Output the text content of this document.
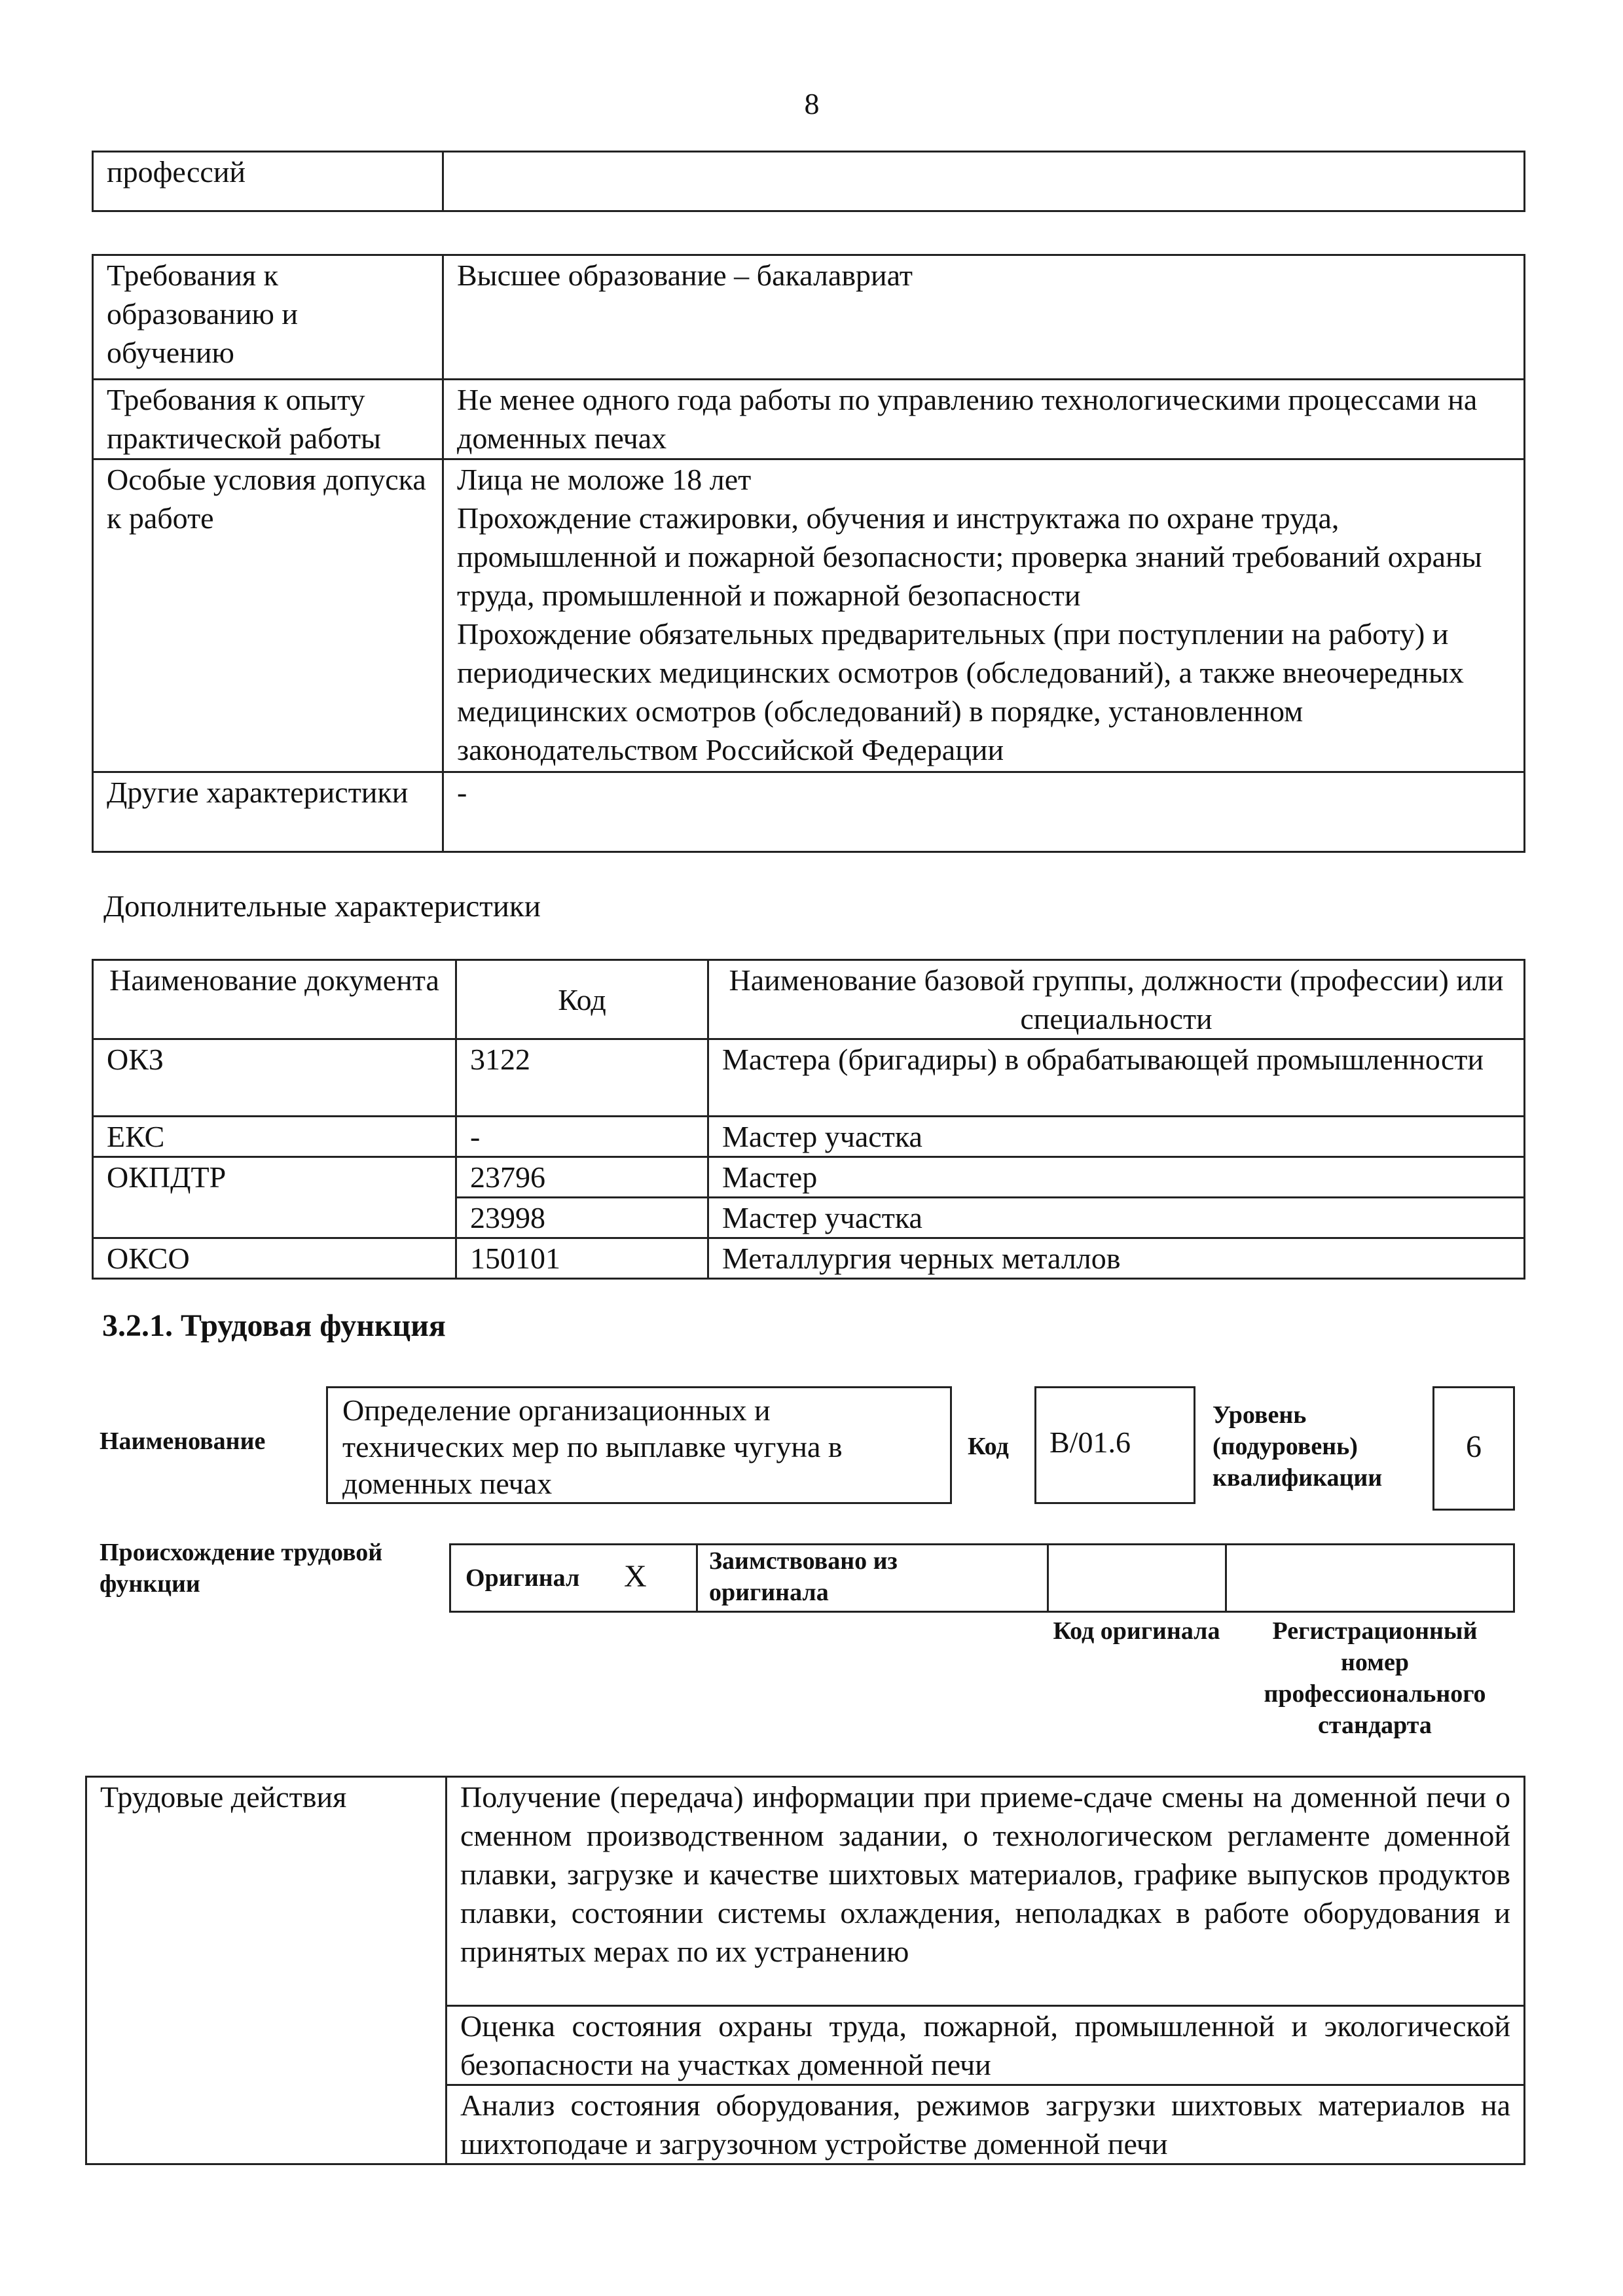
8
профессий	
Требования к образованию и обучению	Высшее образование – бакалавриат

Требования к опыту практической работы	Не менее одного года работы по управлению технологическими процессами на доменных печах

Особые условия допуска к работе	Лица не моложе 18 лет
Прохождение стажировки, обучения и инструктажа по охране труда, промышленной и пожарной безопасности; проверка знаний требований охраны труда, промышленной и пожарной безопасности
Прохождение обязательных предварительных (при поступлении на работу) и периодических медицинских осмотров (обследований), а также внеочередных медицинских осмотров (обследований) в порядке, установленном законодательством Российской Федерации

Другие характеристики	-
Дополнительные характеристики
Наименование документа	Код	Наименование базовой группы, должности (профессии) или специальности
ОКЗ	3122	Мастера (бригадиры) в обрабатывающей промышленности
ЕКС	-	Мастер участка
ОКПДТР	23796	Мастер
	23998	Мастер участка
ОКСО	150101	Металлургия черных металлов
3.2.1. Трудовая функция
Наименование
Определение организационных и технических мер по выплавке чугуна в доменных печах
Код	B/01.6
Уровень (подуровень) квалификации
6
Происхождение трудовой функции	Оригинал X	Заимствовано из оригинала
Код оригинала	Регистрационный номер профессионального стандарта
Трудовые действия	Получение (передача) информации при приеме-сдаче смены на доменной печи о сменном производственном задании, о технологическом регламенте доменной плавки, загрузке и качестве шихтовых материалов, графике выпусков продуктов плавки, состоянии системы охлаждения, неполадках в работе оборудования и принятых мерах по их устранению
Оценка состояния охраны труда, пожарной, промышленной и экологической безопасности на участках доменной печи
Анализ состояния оборудования, режимов загрузки шихтовых материалов на шихтоподаче и загрузочном устройстве доменной печи
